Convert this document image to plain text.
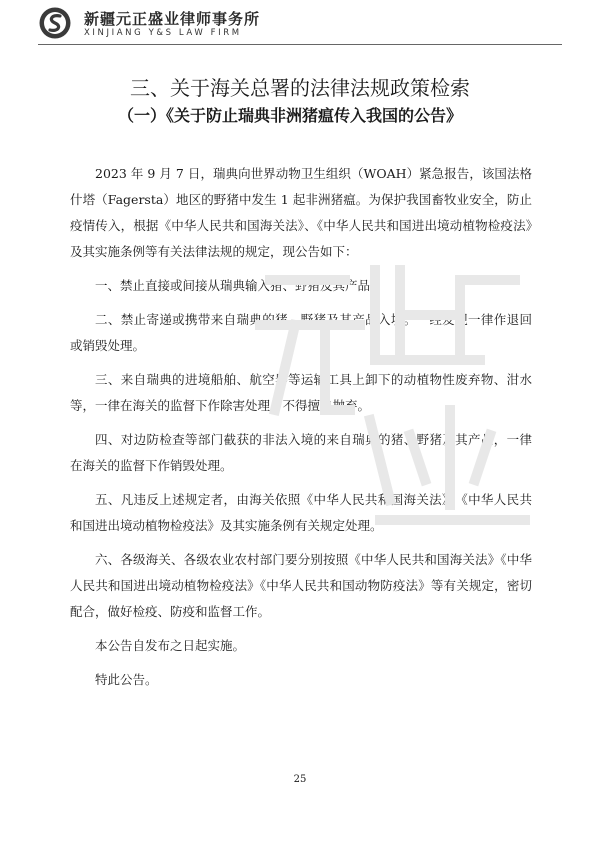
新疆元正盛业律师事务所
XINJIANG Y&S LAW FIRM
三、关于海关总署的法律法规政策检索
（一）《关于防止瑞典非洲猪瘟传入我国的公告》

2023 年 9 月 7 日，瑞典向世界动物卫生组织（WOAH）紧急报告，该国法格什塔（Fagersta）地区的野猪中发生 1 起非洲猪瘟。为保护我国畜牧业安全，防止疫情传入，根据《中华人民共和国海关法》、《中华人民共和国进出境动植物检疫法》及其实施条例等有关法律法规的规定，现公告如下：

一、禁止直接或间接从瑞典输入猪、野猪及其产品。

二、禁止寄递或携带来自瑞典的猪、野猪及其产品入境。一经发现一律作退回或销毁处理。

三、来自瑞典的进境船舶、航空器等运输工具上卸下的动植物性废弃物、泔水等，一律在海关的监督下作除害处理，不得擅自抛弃。

四、对边防检查等部门截获的非法入境的来自瑞典的猪、野猪及其产品，一律在海关的监督下作销毁处理。

五、凡违反上述规定者，由海关依照《中华人民共和国海关法》、《中华人民共和国进出境动植物检疫法》及其实施条例有关规定处理。

六、各级海关、各级农业农村部门要分别按照《中华人民共和国海关法》《中华人民共和国进出境动植物检疫法》《中华人民共和国动物防疫法》等有关规定，密切配合，做好检疫、防疫和监督工作。

本公告自发布之日起实施。

特此公告。

25
